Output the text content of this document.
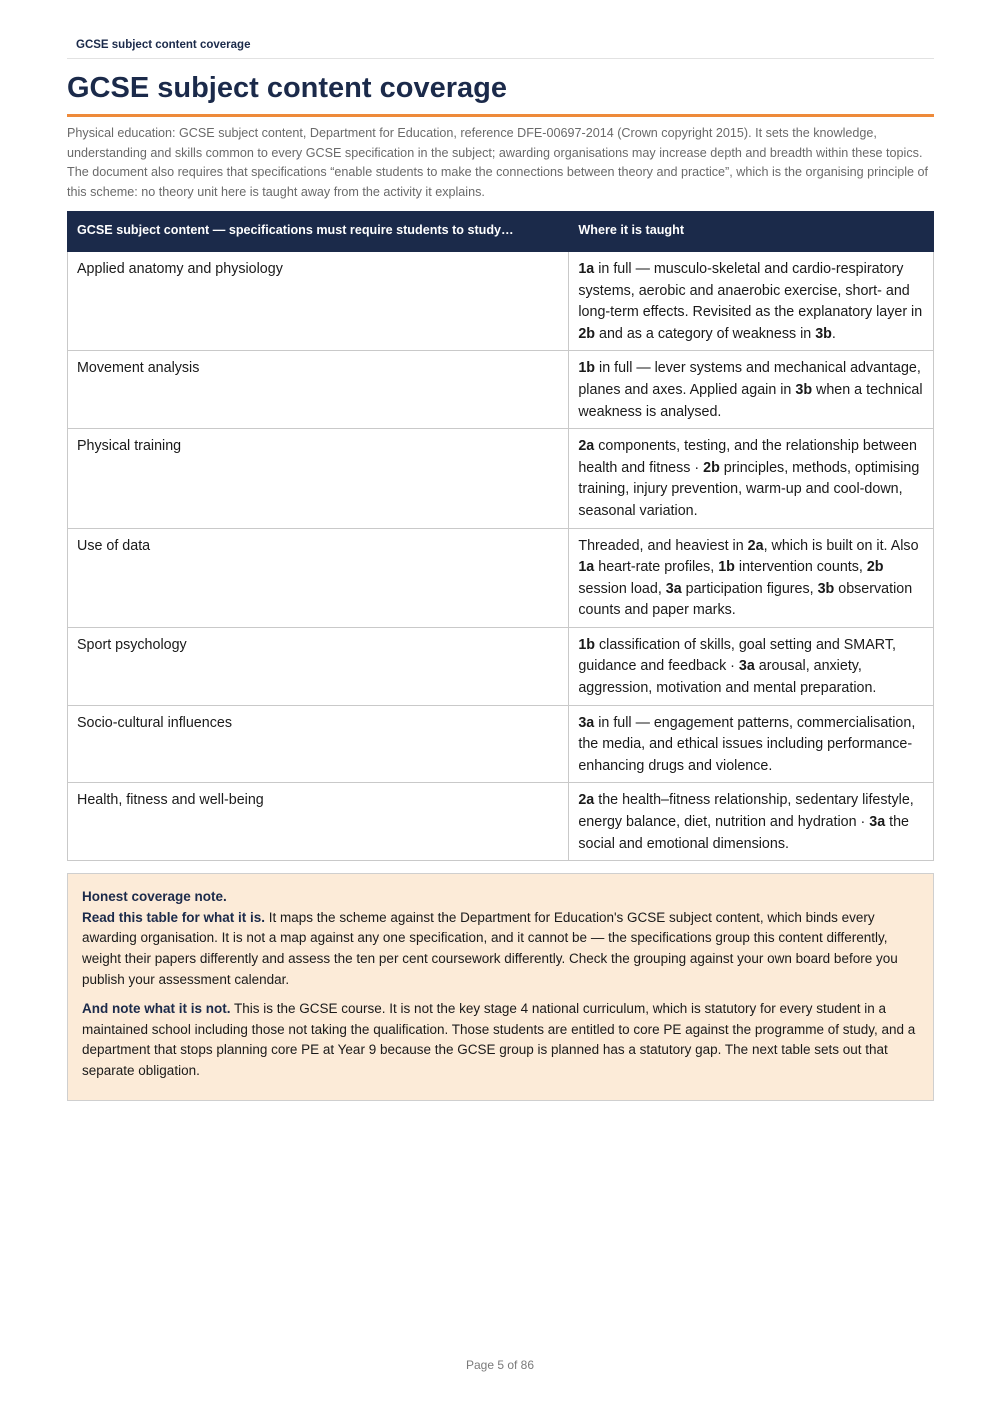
GCSE subject content coverage
GCSE subject content coverage
Physical education: GCSE subject content, Department for Education, reference DFE-00697-2014 (Crown copyright 2015). It sets the knowledge, understanding and skills common to every GCSE specification in the subject; awarding organisations may increase depth and breadth within these topics. The document also requires that specifications “enable students to make the connections between theory and practice”, which is the organising principle of this scheme: no theory unit here is taught away from the activity it explains.
GCSE subject content — specifications must require students to study…	Where it is taught
Applied anatomy and physiology	1a in full — musculo-skeletal and cardio-respiratory systems, aerobic and anaerobic exercise, short- and long-term effects. Revisited as the explanatory layer in 2b and as a category of weakness in 3b.
Movement analysis	1b in full — lever systems and mechanical advantage, planes and axes. Applied again in 3b when a technical weakness is analysed.
Physical training	2a components, testing, and the relationship between health and fitness · 2b principles, methods, optimising training, injury prevention, warm-up and cool-down, seasonal variation.
Use of data	Threaded, and heaviest in 2a, which is built on it. Also 1a heart-rate profiles, 1b intervention counts, 2b session load, 3a participation figures, 3b observation counts and paper marks.
Sport psychology	1b classification of skills, goal setting and SMART, guidance and feedback · 3a arousal, anxiety, aggression, motivation and mental preparation.
Socio-cultural influences	3a in full — engagement patterns, commercialisation, the media, and ethical issues including performance-enhancing drugs and violence.
Health, fitness and well-being	2a the health–fitness relationship, sedentary lifestyle, energy balance, diet, nutrition and hydration · 3a the social and emotional dimensions.
Honest coverage note.

Read this table for what it is. It maps the scheme against the Department for Education's GCSE subject content, which binds every awarding organisation. It is not a map against any one specification, and it cannot be — the specifications group this content differently, weight their papers differently and assess the ten per cent coursework differently. Check the grouping against your own board before you publish your assessment calendar.

And note what it is not. This is the GCSE course. It is not the key stage 4 national curriculum, which is statutory for every student in a maintained school including those not taking the qualification. Those students are entitled to core PE against the programme of study, and a department that stops planning core PE at Year 9 because the GCSE group is planned has a statutory gap. The next table sets out that separate obligation.

Page 5 of 86
